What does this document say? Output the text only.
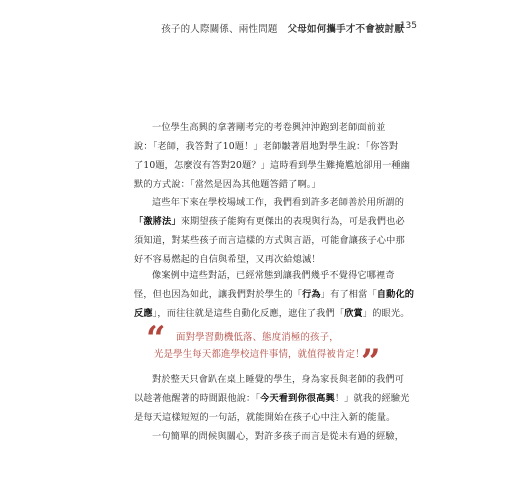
孩子的人際關係、兩性問題 父母如何攜手才不會被討厭
135
一位學生高興的拿著剛考完的考卷興沖沖跑到老師面前並
說：「老師，我答對了10題！」老師皺著眉地對學生說：「你答對
了10題，怎麼沒有答對20題？」這時看到學生難掩尷尬卻用一種幽
默的方式說：「當然是因為其他題答錯了啊。」
這些年下來在學校場域工作，我們看到許多老師善於用所謂的
「激將法」來期望孩子能夠有更傑出的表現與行為，可是我們也必
須知道，對某些孩子而言這樣的方式與言語，可能會讓孩子心中那
好不容易燃起的自信與希望，又再次給熄滅！
像案例中這些對話，已經常態到讓我們幾乎不覺得它哪裡奇
怪，但也因為如此，讓我們對於學生的「行為」有了相當「自動化的
反應」，而往往就是這些自動化反應，遮住了我們「欣賞」的眼光。
“ 面對學習動機低落、態度消極的孩子，
光是學生每天都進學校這件事情，就值得被肯定！
”
對於整天只會趴在桌上睡覺的學生，身為家長與老師的我們可
以趁著他醒著的時間跟他說：「今天看到你很高興！」就我的經驗光
是每天這樣短短的一句話，就能開始在孩子心中注入新的能量。
一句簡單的問候與關心，對許多孩子而言是從未有過的經驗，
